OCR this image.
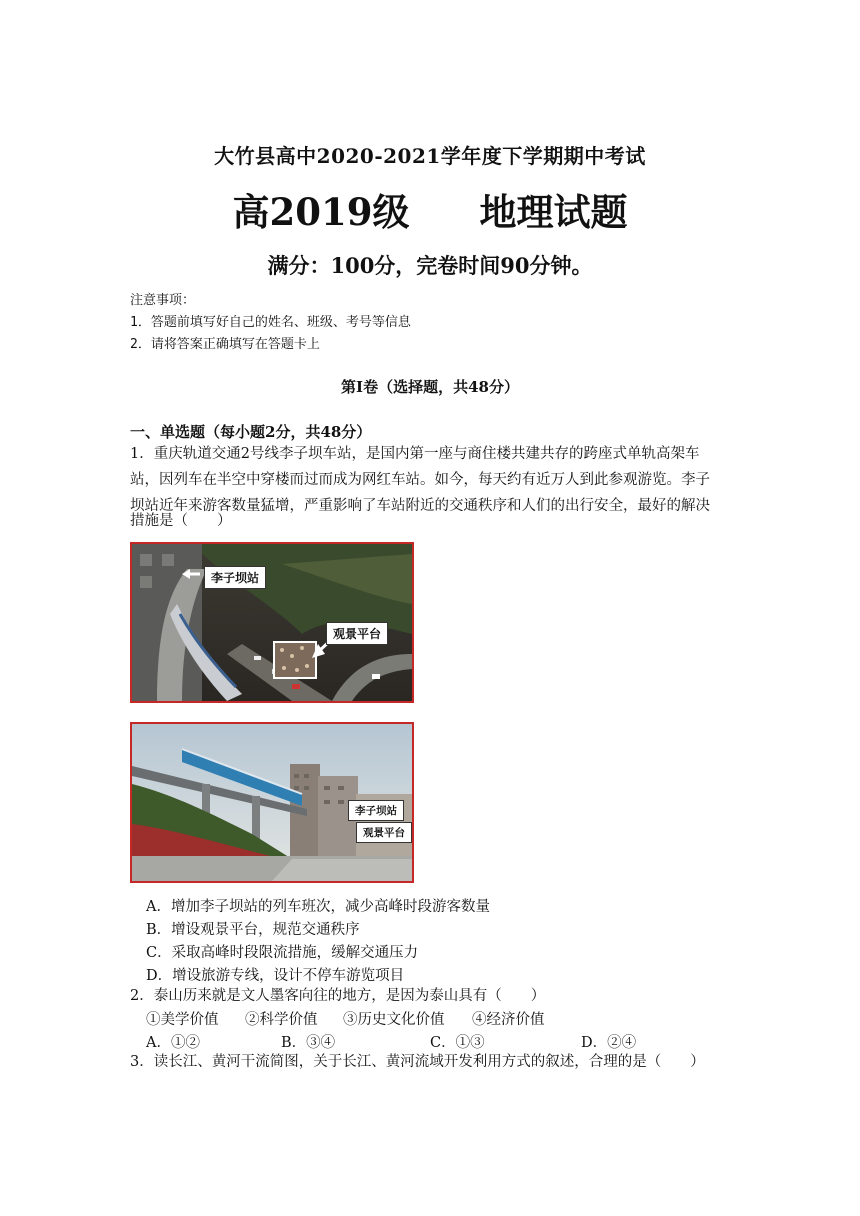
大竹县高中2020-2021学年度下学期期中考试
高2019级 地理试题
满分：100分，完卷时间90分钟。
注意事项：
1．答题前填写好自己的姓名、班级、考号等信息
2．请将答案正确填写在答题卡上
第I卷（选择题，共48分）
一、单选题（每小题2分，共48分）
1．重庆轨道交通2号线李子坝车站，是国内第一座与商住楼共建共存的跨座式单轨高架车
站，因列车在半空中穿楼而过而成为网红车站。如今，每天约有近万人到此参观游览。李子
坝站近年来游客数量猛增，严重影响了车站附近的交通秩序和人们的出行安全，最好的解决
措施是（　　）
李子坝站
观景平台
李子坝站
观景平台
A．增加李子坝站的列车班次，减少高峰时段游客数量
B．增设观景平台，规范交通秩序
C．采取高峰时段限流措施，缓解交通压力
D．增设旅游专线，设计不停车游览项目
2．泰山历来就是文人墨客向往的地方，是因为泰山具有（　　）
①美学价值 ②科学价值 ③历史文化价值 ④经济价值
A．①②	B．③④	C．①③	D．②④
3．读长江、黄河干流简图，关于长江、黄河流域开发利用方式的叙述，合理的是（　　）
